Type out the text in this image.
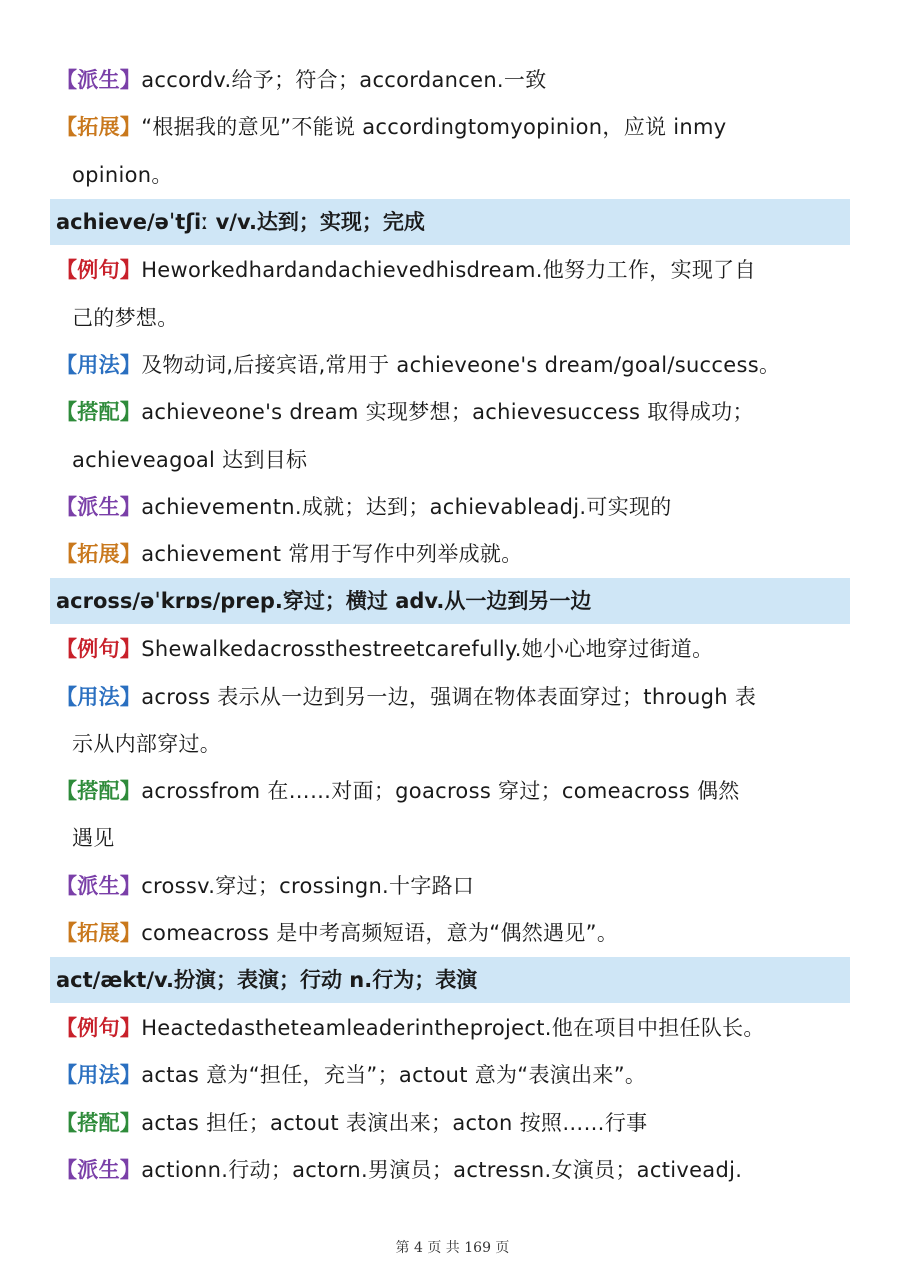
【派生】accordv.给予；符合；accordancen.一致
【拓展】“根据我的意见”不能说 accordingtomyopinion，应说 inmy
opinion。
achieve/əˈtʃiː v/v.达到；实现；完成
【例句】Heworkedhardandachievedhisdream.他努力工作，实现了自
己的梦想。
【用法】及物动词,后接宾语,常用于 achieveone's dream/goal/success。
【搭配】achieveone's dream 实现梦想；achievesuccess 取得成功；
achieveagoal 达到目标
【派生】achievementn.成就；达到；achievableadj.可实现的
【拓展】achievement 常用于写作中列举成就。
across/əˈkrɒs/prep.穿过；横过 adv.从一边到另一边
【例句】Shewalkedacrossthestreetcarefully.她小心地穿过街道。
【用法】across 表示从一边到另一边，强调在物体表面穿过；through 表
示从内部穿过。
【搭配】acrossfrom 在……对面；goacross 穿过；comeacross 偶然
遇见
【派生】crossv.穿过；crossingn.十字路口
【拓展】comeacross 是中考高频短语，意为“偶然遇见”。
act/ækt/v.扮演；表演；行动 n.行为；表演
【例句】Heactedastheteamleaderintheproject.他在项目中担任队长。
【用法】actas 意为“担任，充当”；actout 意为“表演出来”。
【搭配】actas 担任；actout 表演出来；acton 按照……行事
【派生】actionn.行动；actorn.男演员；actressn.女演员；activeadj.
第 4 页 共 169 页
